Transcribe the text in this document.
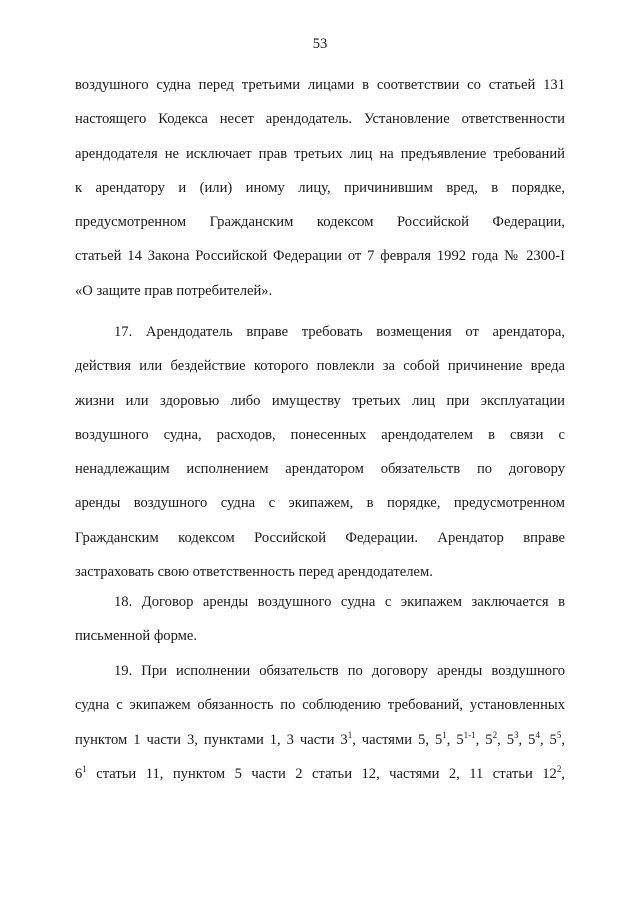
53
воздушного судна перед третьими лицами в соответствии со статьей 131
настоящего Кодекса несет арендодатель. Установление ответственности
арендодателя не исключает прав третьих лиц на предъявление требований
к арендатору и (или) иному лицу, причинившим вред, в порядке,
предусмотренном Гражданским кодексом Российской Федерации,
статьей 14 Закона Российской Федерации от 7 февраля 1992 года № 2300-I
«О защите прав потребителей».
17. Арендодатель вправе требовать возмещения от арендатора,
действия или бездействие которого повлекли за собой причинение вреда
жизни или здоровью либо имуществу третьих лиц при эксплуатации
воздушного судна, расходов, понесенных арендодателем в связи с
ненадлежащим исполнением арендатором обязательств по договору
аренды воздушного судна с экипажем, в порядке, предусмотренном
Гражданским кодексом Российской Федерации. Арендатор вправе
застраховать свою ответственность перед арендодателем.
18. Договор аренды воздушного судна с экипажем заключается в
письменной форме.
19. При исполнении обязательств по договору аренды воздушного
судна с экипажем обязанность по соблюдению требований, установленных
пунктом 1 части 3, пунктами 1, 3 части $3^1$, частями 5, $5^1$, 5$^{1-1}$, $5^2$, $5^3$, $5^4$, $5^5$,
$6^1$ статьи 11, пунктом 5 части 2 статьи 12, частями 2, 11 статьи $12^2$,
